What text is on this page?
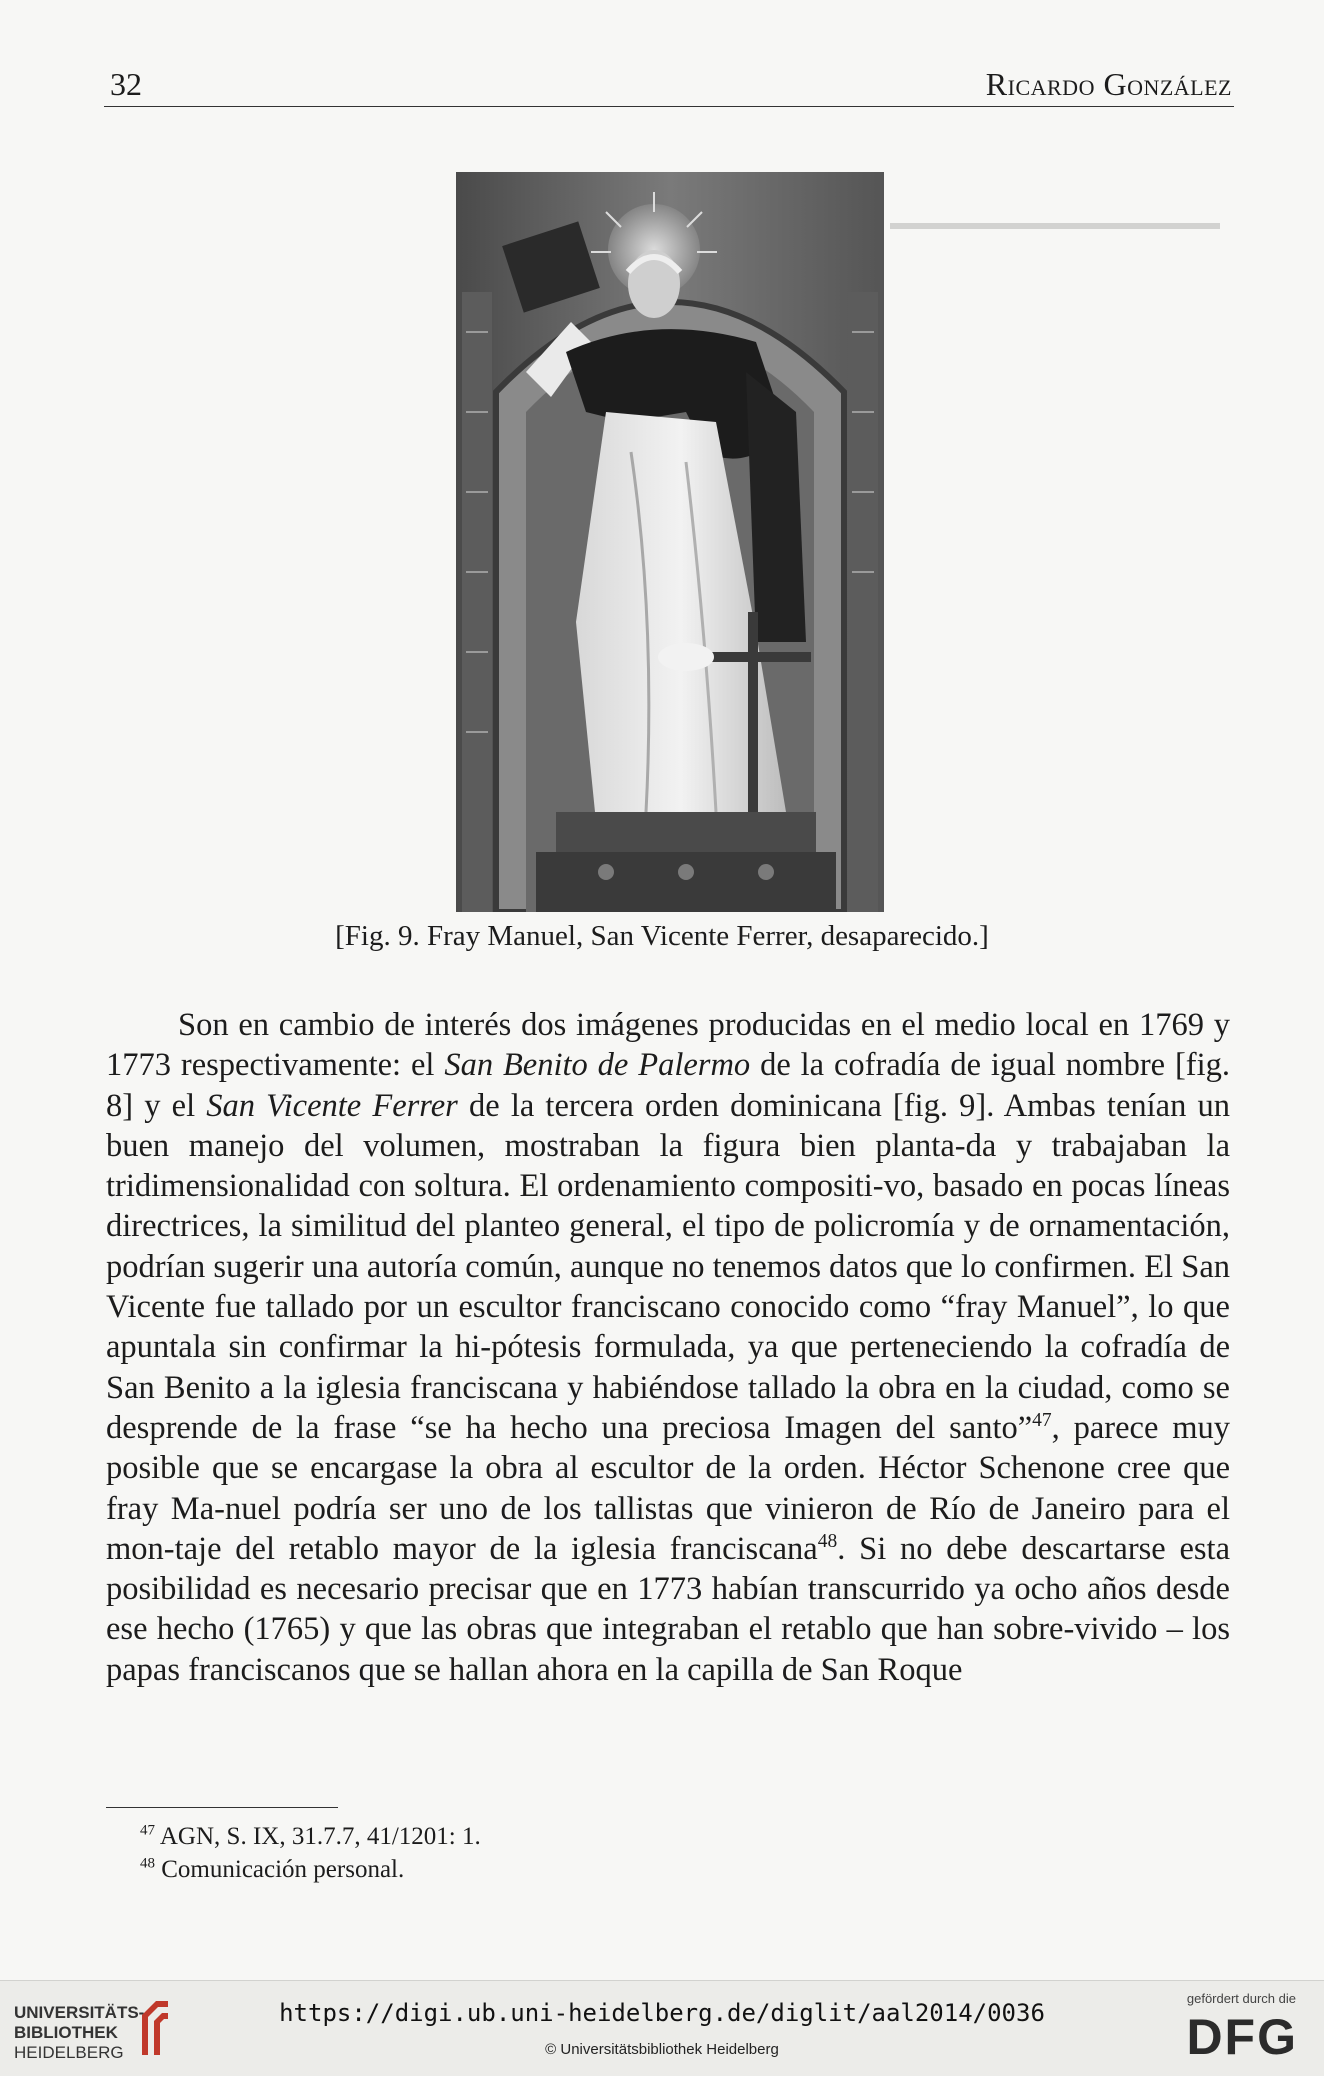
32	Ricardo González
[Fig. 9. Fray Manuel, San Vicente Ferrer, desaparecido.]

Son en cambio de interés dos imágenes producidas en el medio local en 1769 y 1773 respectivamente: el San Benito de Palermo de la cofradía de igual nombre [fig. 8] y el San Vicente Ferrer de la tercera orden dominicana [fig. 9]. Ambas tenían un buen manejo del volumen, mostraban la figura bien planta-da y trabajaban la tridimensionalidad con soltura. El ordenamiento compositi-vo, basado en pocas líneas directrices, la similitud del planteo general, el tipo de policromía y de ornamentación, podrían sugerir una autoría común, aunque no tenemos datos que lo confirmen. El San Vicente fue tallado por un escultor franciscano conocido como “fray Manuel”, lo que apuntala sin confirmar la hi-pótesis formulada, ya que perteneciendo la cofradía de San Benito a la iglesia franciscana y habiéndose tallado la obra en la ciudad, como se desprende de la frase “se ha hecho una preciosa Imagen del santo”$^{47}$, parece muy posible que se encargase la obra al escultor de la orden. Héctor Schenone cree que fray Ma-nuel podría ser uno de los tallistas que vinieron de Río de Janeiro para el mon-taje del retablo mayor de la iglesia franciscana$^{48}$. Si no debe descartarse esta posibilidad es necesario precisar que en 1773 habían transcurrido ya ocho años desde ese hecho (1765) y que las obras que integraban el retablo que han sobre-vivido – los papas franciscanos que se hallan ahora en la capilla de San Roque

$^{47}$ AGN, S. IX, 31.7.7, 41/1201: 1.
$^{48}$ Comunicación personal.
UNIVERSITÄTS-
BIBLIOTHEK
HEIDELBERG
https://digi.ub.uni-heidelberg.de/diglit/aal2014/0036
© Universitätsbibliothek Heidelberg
gefördert durch die
DFG
